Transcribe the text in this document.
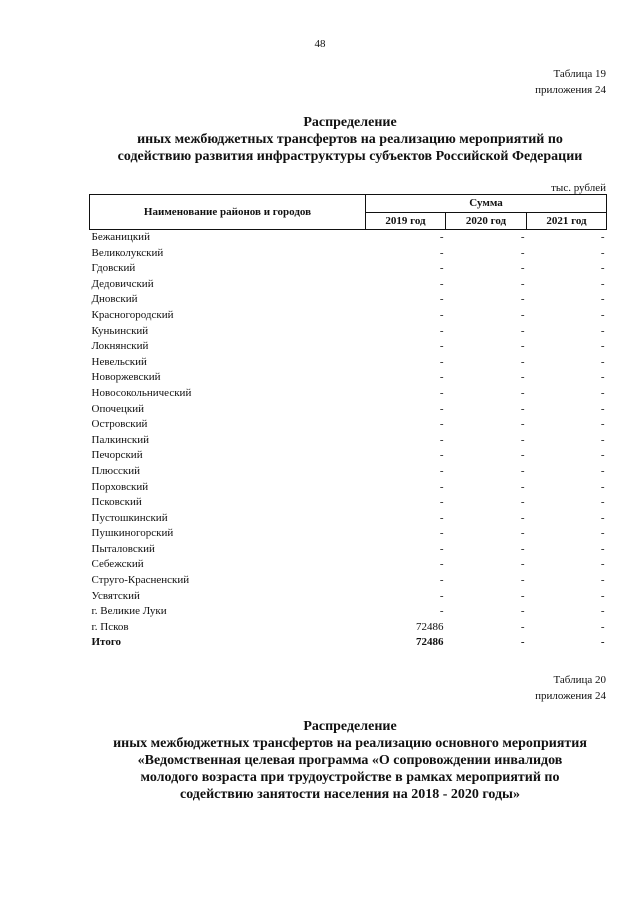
48
Таблица 19
приложения 24
Распределение
иных межбюджетных трансфертов на реализацию мероприятий по
содействию развития инфраструктуры субъектов Российской Федерации
тыс. рублей
Наименование районов и городов	Сумма		
	2019 год	2020 год	2021 год
Бежаницкий	-	-	-
Великолукский	-	-	-
Гдовский	-	-	-
Дедовичский	-	-	-
Дновский	-	-	-
Красногородский	-	-	-
Куньинский	-	-	-
Локнянский	-	-	-
Невельский	-	-	-
Новоржевский	-	-	-
Новосокольнический	-	-	-
Опочецкий	-	-	-
Островский	-	-	-
Палкинский	-	-	-
Печорский	-	-	-
Плюсский	-	-	-
Порховский	-	-	-
Псковский	-	-	-
Пустошкинский	-	-	-
Пушкиногорский	-	-	-
Пыталовский	-	-	-
Себежский	-	-	-
Струго-Красненский	-	-	-
Усвятский	-	-	-
г. Великие Луки	-	-	-
г. Псков	72486	-	-
Итого	72486	-	-
Таблица 20
приложения 24
Распределение
иных межбюджетных трансфертов на реализацию основного мероприятия
«Ведомственная целевая программа «О сопровождении инвалидов
молодого возраста при трудоустройстве в рамках мероприятий по
содействию занятости населения на 2018 - 2020 годы»
